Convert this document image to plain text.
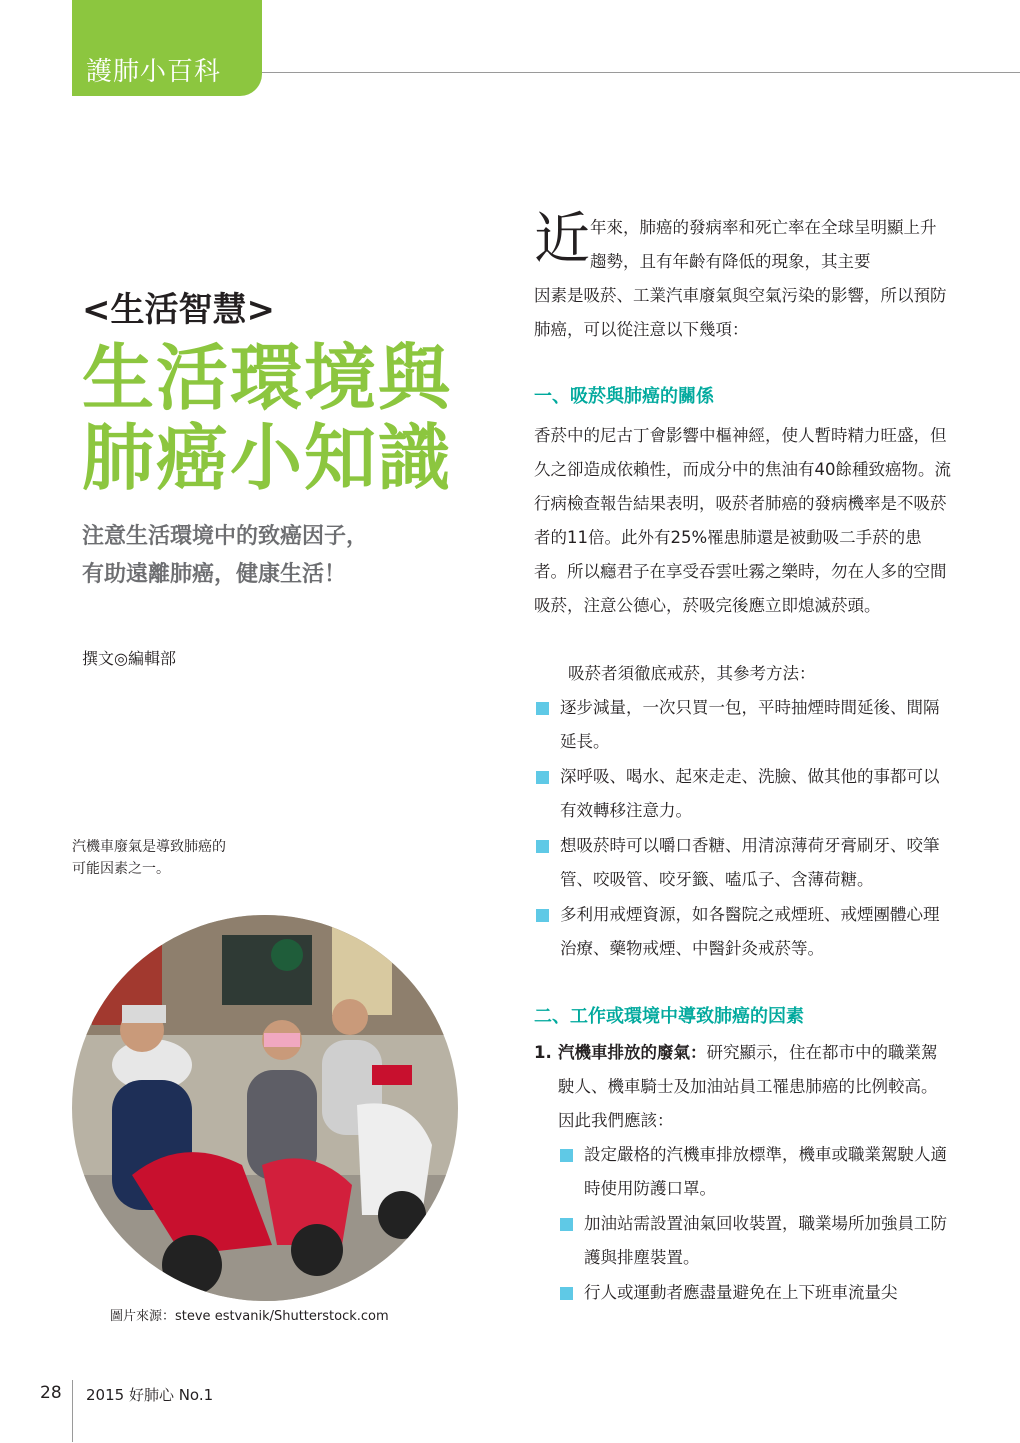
護肺小百科
<生活智慧>
生活環境與
肺癌小知識
注意生活環境中的致癌因子，
有助遠離肺癌，健康生活！
撰文◎編輯部
汽機車廢氣是導致肺癌的
可能因素之一。
圖片來源：steve estvanik/Shutterstock.com
近 年來，肺癌的發病率和死亡率在全球呈明顯上升趨勢，且有年齡有降低的現象，其主要
因素是吸菸、工業汽車廢氣與空氣污染的影響，所以預防肺癌，可以從注意以下幾項：
一、吸菸與肺癌的關係
香菸中的尼古丁會影響中樞神經，使人暫時精力旺盛，但久之卻造成依賴性，而成分中的焦油有40餘種致癌物。流行病檢查報告結果表明，吸菸者肺癌的發病機率是不吸菸者的11倍。此外有25%罹患肺還是被動吸二手菸的患者。所以癮君子在享受吞雲吐霧之樂時，勿在人多的空間吸菸，注意公德心，菸吸完後應立即熄滅菸頭。
吸菸者須徹底戒菸，其參考方法：
逐步減量，一次只買一包，平時抽煙時間延後、間隔延長。
深呼吸、喝水、起來走走、洗臉、做其他的事都可以有效轉移注意力。
想吸菸時可以嚼口香糖、用清涼薄荷牙膏刷牙、咬筆管、咬吸管、咬牙籤、嗑瓜子、含薄荷糖。
多利用戒煙資源，如各醫院之戒煙班、戒煙團體心理治療、藥物戒煙、中醫針灸戒菸等。
二、工作或環境中導致肺癌的因素
1. 汽機車排放的廢氣：研究顯示，住在都市中的職業駕駛人、機車騎士及加油站員工罹患肺癌的比例較高。因此我們應該：
設定嚴格的汽機車排放標準，機車或職業駕駛人適時使用防護口罩。
加油站需設置油氣回收裝置，職業場所加強員工防護與排塵裝置。
行人或運動者應盡量避免在上下班車流量尖
28 2015 好肺心 No.1
